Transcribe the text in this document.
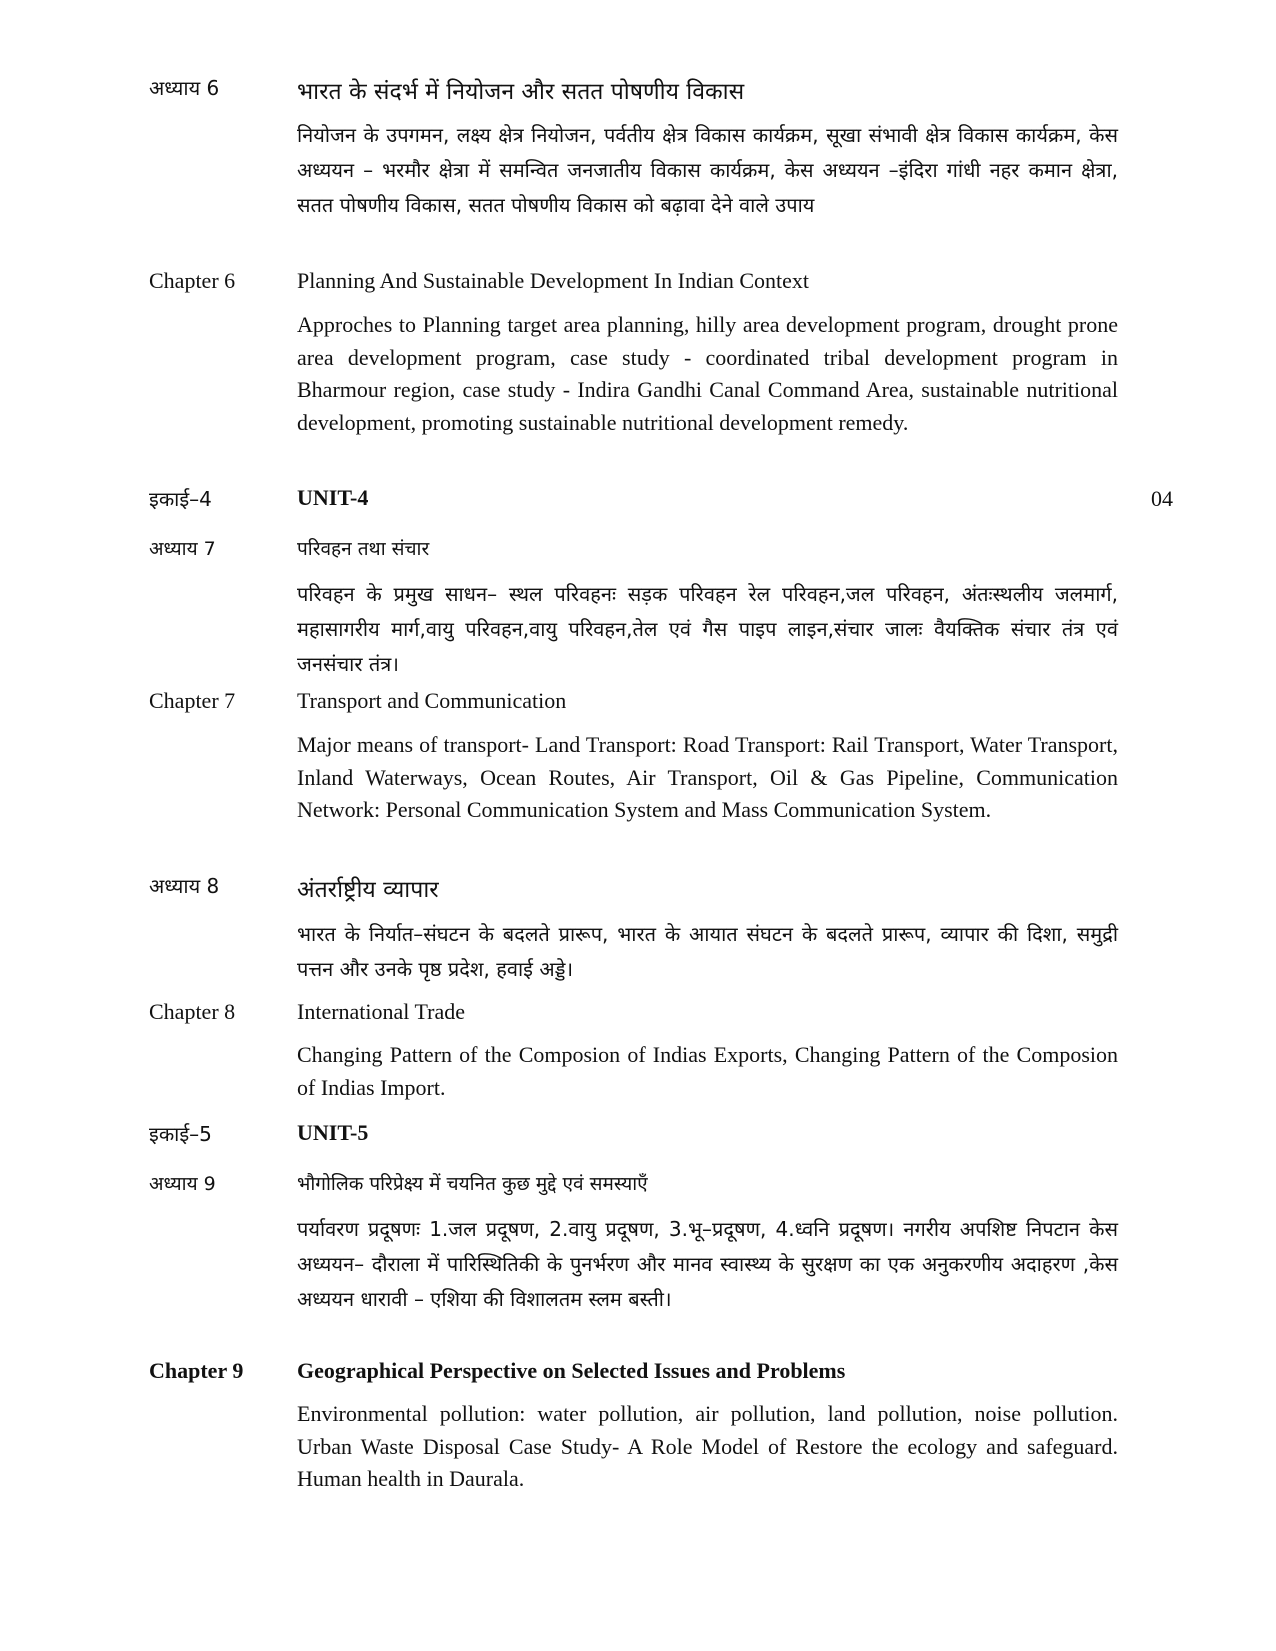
अध्याय 6	भारत के संदर्भ में नियोजन और सतत पोषणीय विकास
नियोजन के उपगमन, लक्ष्य क्षेत्र नियोजन, पर्वतीय क्षेत्र विकास कार्यक्रम, सूखा संभावी क्षेत्र विकास कार्यक्रम, केस अध्ययन – भरमौर क्षेत्रा में समन्वित जनजातीय विकास कार्यक्रम, केस अध्ययन –इंदिरा गांधी नहर कमान क्षेत्रा, सतत पोषणीय विकास, सतत पोषणीय विकास को बढ़ावा देने वाले उपाय
Chapter 6	Planning And Sustainable Development In Indian Context
Approches to Planning target area planning, hilly area development program, drought prone area development program, case study - coordinated tribal development program in Bharmour region, case study - Indira Gandhi Canal Command Area, sustainable nutritional development, promoting sustainable nutritional development remedy.
इकाई–4	UNIT-4	04
अध्याय 7	परिवहन तथा संचार
परिवहन के प्रमुख साधन– स्थल परिवहनः सड़क परिवहन रेल परिवहन,जल परिवहन, अंतःस्थलीय जलमार्ग, महासागरीय मार्ग,वायु परिवहन,वायु परिवहन,तेल एवं गैस पाइप लाइन,संचार जालः वैयक्तिक संचार तंत्र एवं जनसंचार तंत्र।
Chapter 7	Transport and Communication
Major means of transport- Land Transport: Road Transport: Rail Transport, Water Transport, Inland Waterways, Ocean Routes, Air Transport, Oil & Gas Pipeline, Communication Network: Personal Communication System and Mass Communication System.
अध्याय 8	अंतर्राष्ट्रीय व्यापार
भारत के निर्यात–संघटन के बदलते प्रारूप, भारत के आयात संघटन के बदलते प्रारूप, व्यापार की दिशा, समुद्री पत्तन और उनके पृष्ठ प्रदेश, हवाई अड्डे।
Chapter 8	International Trade
Changing Pattern of the Composion of Indias Exports, Changing Pattern of the Composion of Indias Import.
इकाई–5	UNIT-5
अध्याय 9	भौगोलिक परिप्रेक्ष्य में चयनित कुछ मुद्दे एवं समस्याएँ
पर्यावरण प्रदूषणः 1.जल प्रदूषण, 2.वायु प्रदूषण, 3.भू–प्रदूषण, 4.ध्वनि प्रदूषण। नगरीय अपशिष्ट निपटान केस अध्ययन– दौराला में पारिस्थितिकी के पुनर्भरण और मानव स्वास्थ्य के सुरक्षण का एक अनुकरणीय अदाहरण ,केस अध्ययन धारावी – एशिया की विशालतम स्लम बस्ती।
Chapter 9 Geographical Perspective on Selected Issues and Problems
Environmental pollution: water pollution, air pollution, land pollution, noise pollution. Urban Waste Disposal Case Study- A Role Model of Restore the ecology and safeguard. Human health in Daurala.
